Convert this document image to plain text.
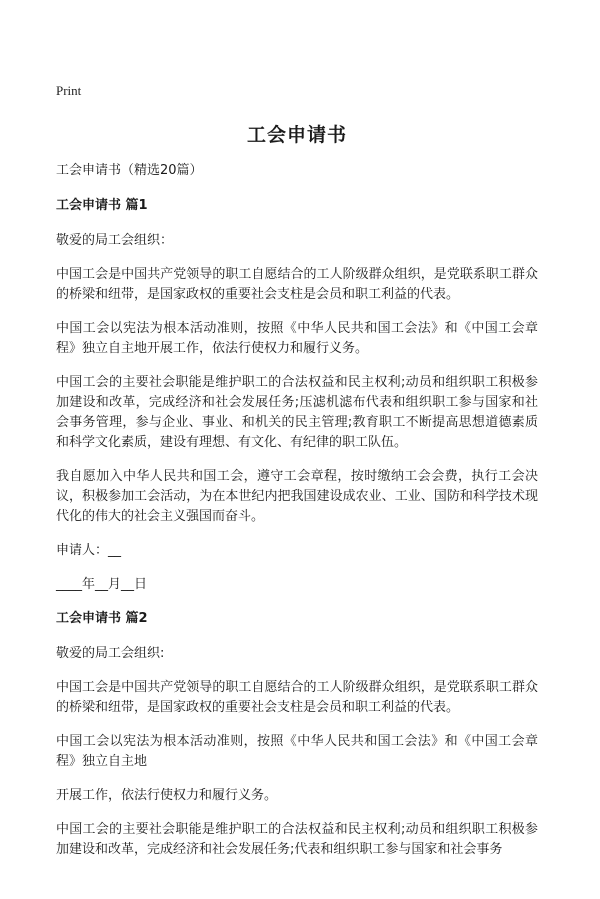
Print
工会申请书
工会申请书（精选20篇）
工会申请书 篇1
敬爱的局工会组织：
中国工会是中国共产党领导的职工自愿结合的工人阶级群众组织，是党联系职工群众的桥梁和纽带，是国家政权的重要社会支柱是会员和职工利益的代表。
中国工会以宪法为根本活动准则，按照《中华人民共和国工会法》和《中国工会章程》独立自主地开展工作，依法行使权力和履行义务。
中国工会的主要社会职能是维护职工的合法权益和民主权利;动员和组织职工积极参加建设和改革，完成经济和社会发展任务;压滤机滤布代表和组织职工参与国家和社会事务管理，参与企业、事业、和机关的民主管理;教育职工不断提高思想道德素质和科学文化素质，建设有理想、有文化、有纪律的职工队伍。
我自愿加入中华人民共和国工会，遵守工会章程，按时缴纳工会会费，执行工会决议，积极参加工会活动，为在本世纪内把我国建设成农业、工业、国防和科学技术现代化的伟大的社会主义强国而奋斗。
申请人：__
____年__月__日
工会申请书 篇2
敬爱的局工会组织:
中国工会是中国共产党领导的职工自愿结合的工人阶级群众组织，是党联系职工群众的桥梁和纽带，是国家政权的重要社会支柱是会员和职工利益的代表。
中国工会以宪法为根本活动准则，按照《中华人民共和国工会法》和《中国工会章程》独立自主地
开展工作，依法行使权力和履行义务。
中国工会的主要社会职能是维护职工的合法权益和民主权利;动员和组织职工积极参加建设和改革，完成经济和社会发展任务;代表和组织职工参与国家和社会事务
